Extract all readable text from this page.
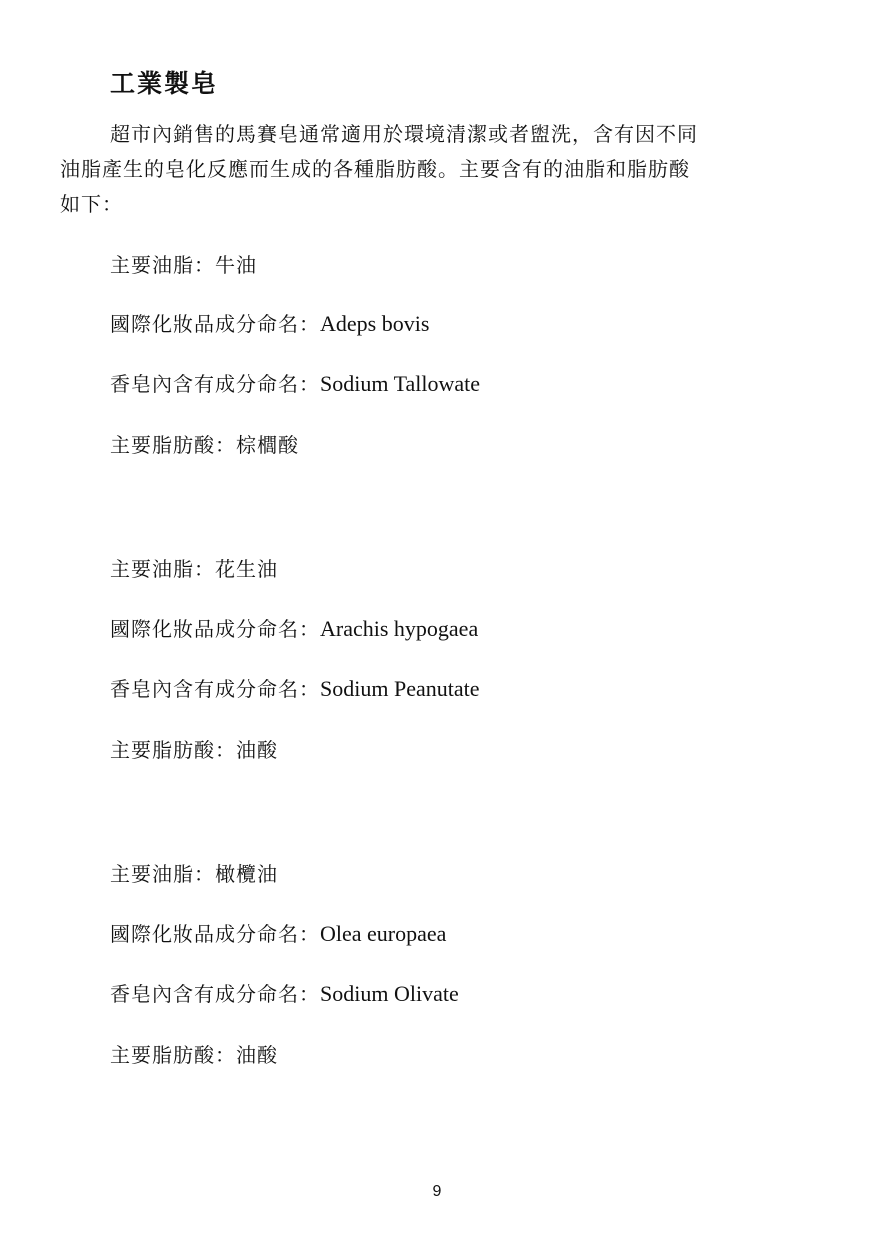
工業製皂
超市內銷售的馬賽皂通常適用於環境清潔或者盥洗，含有因不同
油脂產生的皂化反應而生成的各種脂肪酸。主要含有的油脂和脂肪酸
如下：
主要油脂：牛油
國際化妝品成分命名：Adeps bovis
香皂內含有成分命名：Sodium Tallowate
主要脂肪酸：棕櫚酸
主要油脂：花生油
國際化妝品成分命名：Arachis hypogaea
香皂內含有成分命名：Sodium Peanutate
主要脂肪酸：油酸
主要油脂：橄欖油
國際化妝品成分命名：Olea europaea
香皂內含有成分命名：Sodium Olivate
主要脂肪酸：油酸
9
